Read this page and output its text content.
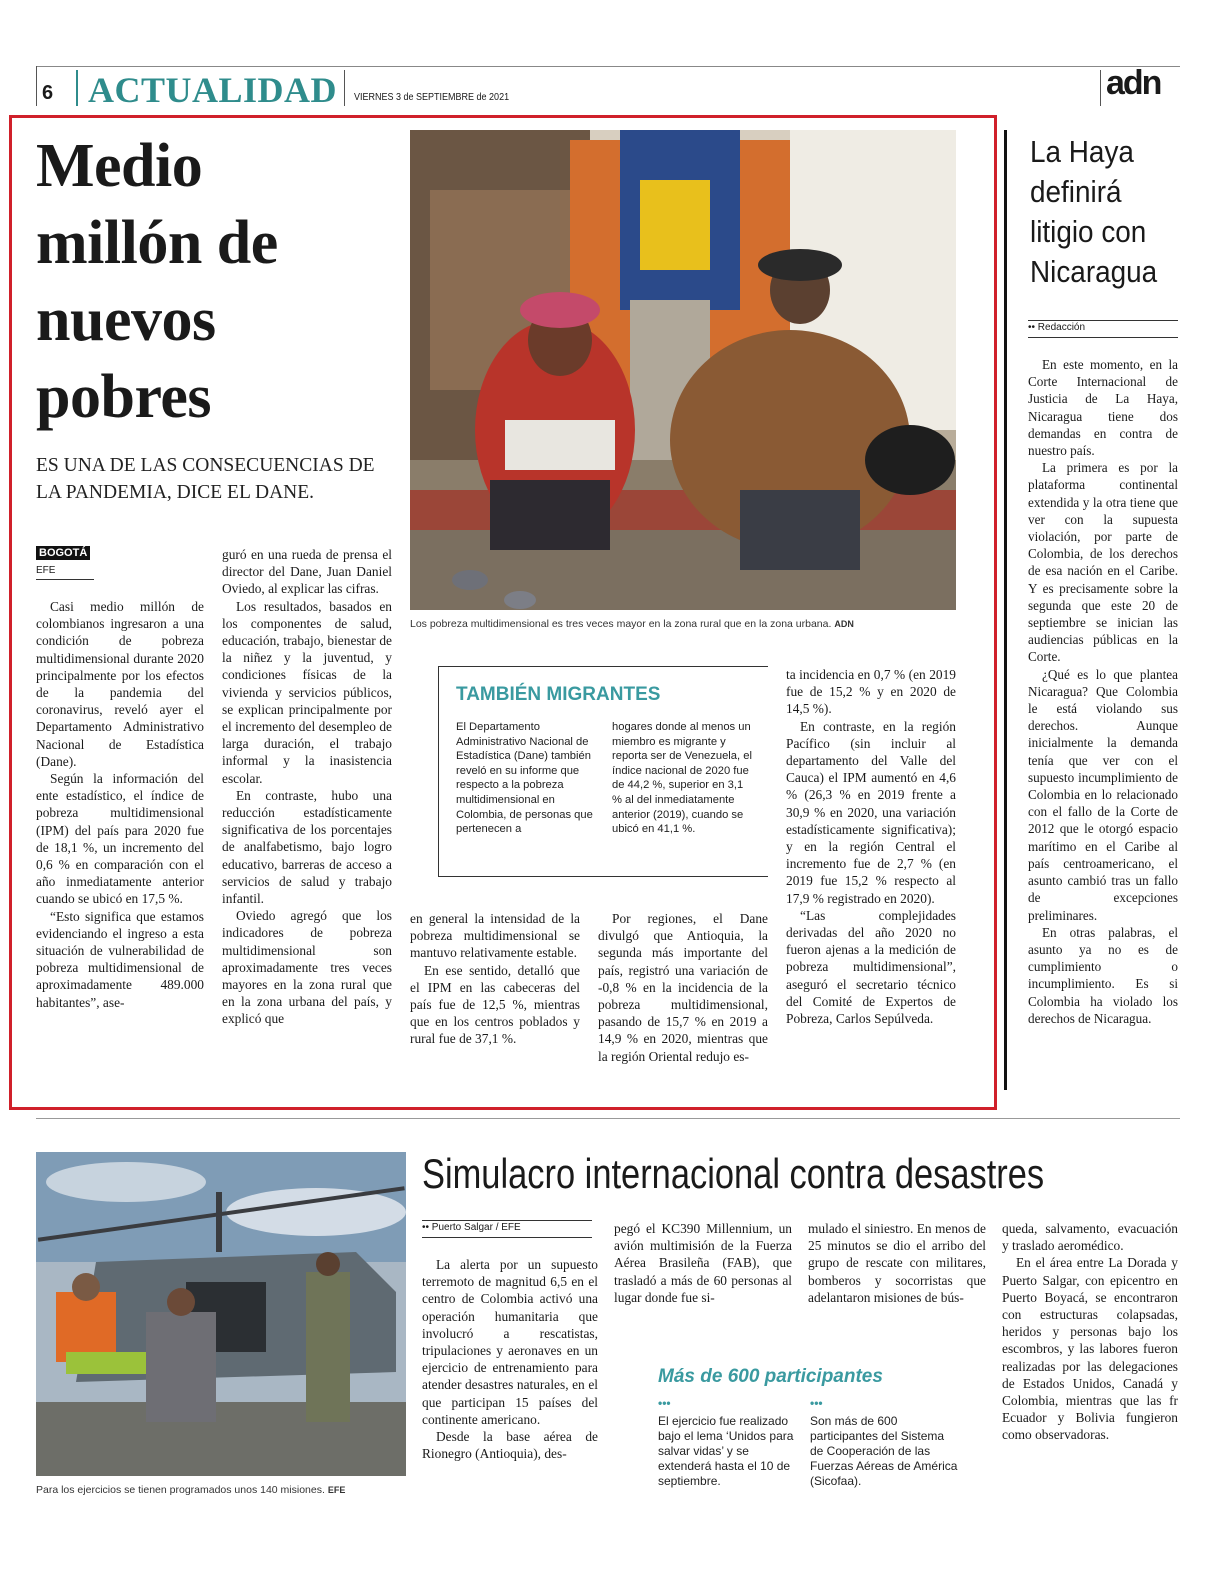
6 ACTUALIDAD VIERNES 3 de SEPTIEMBRE de 2021	adn
Medio
millón de
nuevos
pobres
ES UNA DE LAS CONSECUENCIAS DE LA PANDEMIA, DICE EL DANE.
BOGOTÁ
EFE
Los pobreza multidimensional es tres veces mayor en la zona rural que en la zona urbana. ADN

Casi medio millón de colombianos ingresaron a una condición de pobreza multidimensional durante 2020 principalmente por los efectos de la pandemia del coronavirus, reveló ayer el Departamento Administrativo Nacional de Estadística (Dane).

Según la información del ente estadístico, el índice de pobreza multidimensional (IPM) del país para 2020 fue de 18,1 %, un incremento del 0,6 % en comparación con el año inmediatamente anterior cuando se ubicó en 17,5 %.

“Esto significa que estamos evidenciando el ingreso a esta situación de vulnerabilidad de pobreza multidimensional de aproximadamente 489.000 habitantes”, ase-

guró en una rueda de prensa el director del Dane, Juan Daniel Oviedo, al explicar las cifras.

Los resultados, basados en los componentes de salud, educación, trabajo, bienestar de la niñez y la juventud, y condiciones físicas de la vivienda y servicios públicos, se explican principalmente por el incremento del desempleo de larga duración, el trabajo informal y la inasistencia escolar.

En contraste, hubo una reducción estadísticamente significativa de los porcentajes de analfabetismo, bajo logro educativo, barreras de acceso a servicios de salud y trabajo infantil.

Oviedo agregó que los indicadores de pobreza multidimensional son aproximadamente tres veces mayores en la zona rural que en la zona urbana del país, y explicó que

TAMBIÉN MIGRANTES
El Departamento Administrativo Nacional de Estadística (Dane) también reveló en su informe que respecto a la pobreza multidimensional en Colombia, de personas que pertenecen a
hogares donde al menos un miembro es migrante y reporta ser de Venezuela, el índice nacional de 2020 fue de 44,2 %, superior en 3,1 % al del inmediatamente anterior (2019), cuando se ubicó en 41,1 %.

en general la intensidad de la pobreza multidimensional se mantuvo relativamente estable.

En ese sentido, detalló que el IPM en las cabeceras del país fue de 12,5 %, mientras que en los centros poblados y rural fue de 37,1 %.

Por regiones, el Dane divulgó que Antioquia, la segunda más importante del país, registró una variación de -0,8 % en la incidencia de la pobreza multidimensional, pasando de 15,7 % en 2019 a 14,9 % en 2020, mientras que la región Oriental redujo es-

ta incidencia en 0,7 % (en 2019 fue de 15,2 % y en 2020 de 14,5 %).

En contraste, en la región Pacífico (sin incluir al departamento del Valle del Cauca) el IPM aumentó en 4,6 % (26,3 % en 2019 frente a 30,9 % en 2020, una variación estadísticamente significativa); y en la región Central el incremento fue de 2,7 % (en 2019 fue 15,2 % respecto al 17,9 % registrado en 2020).

“Las complejidades derivadas del año 2020 no fueron ajenas a la medición de pobreza multidimensional”, aseguró el secretario técnico del Comité de Expertos de Pobreza, Carlos Sepúlveda.

La Haya definirá litigio con Nicaragua
•• Redacción

En este momento, en la Corte Internacional de Justicia de La Haya, Nicaragua tiene dos demandas en contra de nuestro país.

La primera es por la plataforma continental extendida y la otra tiene que ver con la supuesta violación, por parte de Colombia, de los derechos de esa nación en el Caribe. Y es precisamente sobre la segunda que este 20 de septiembre se inician las audiencias públicas en la Corte.

¿Qué es lo que plantea Nicaragua? Que Colombia le está violando sus derechos. Aunque inicialmente la demanda tenía que ver con el supuesto incumplimiento de Colombia en lo relacionado con el fallo de la Corte de 2012 que le otorgó espacio marítimo en el Caribe al país centroamericano, el asunto cambió tras un fallo de excepciones preliminares.

En otras palabras, el asunto ya no es de cumplimiento o incumplimiento. Es si Colombia ha violado los derechos de Nicaragua.

Para los ejercicios se tienen programados unos 140 misiones. EFE
Simulacro internacional contra desastres
•• Puerto Salgar / EFE

La alerta por un supuesto terremoto de magnitud 6,5 en el centro de Colombia activó una operación humanitaria que involucró a rescatistas, tripulaciones y aeronaves en un ejercicio de entrenamiento para atender desastres naturales, en el que participan 15 países del continente americano.

Desde la base aérea de Rionegro (Antioquia), des-

pegó el KC390 Millennium, un avión multimisión de la Fuerza Aérea Brasileña (FAB), que trasladó a más de 60 personas al lugar donde fue si-

mulado el siniestro. En menos de 25 minutos se dio el arribo del grupo de rescate con militares, bomberos y socorristas que adelantaron misiones de bús-

queda, salvamento, evacuación y traslado aeromédico.

En el área entre La Dorada y Puerto Salgar, con epicentro en Puerto Boyacá, se encontraron con estructuras colapsadas, heridos y personas bajo los escombros, y las labores fueron realizadas por las delegaciones de Estados Unidos, Canadá y Colombia, mientras que las fr Ecuador y Bolivia fungieron como observadoras.

Más de 600 participantes
•••	•••
El ejercicio fue realizado bajo el lema ‘Unidos para salvar vidas’ y se extenderá hasta el 10 de septiembre.
Son más de 600 participantes del Sistema de Cooperación de las Fuerzas Aéreas de América (Sicofaa).
